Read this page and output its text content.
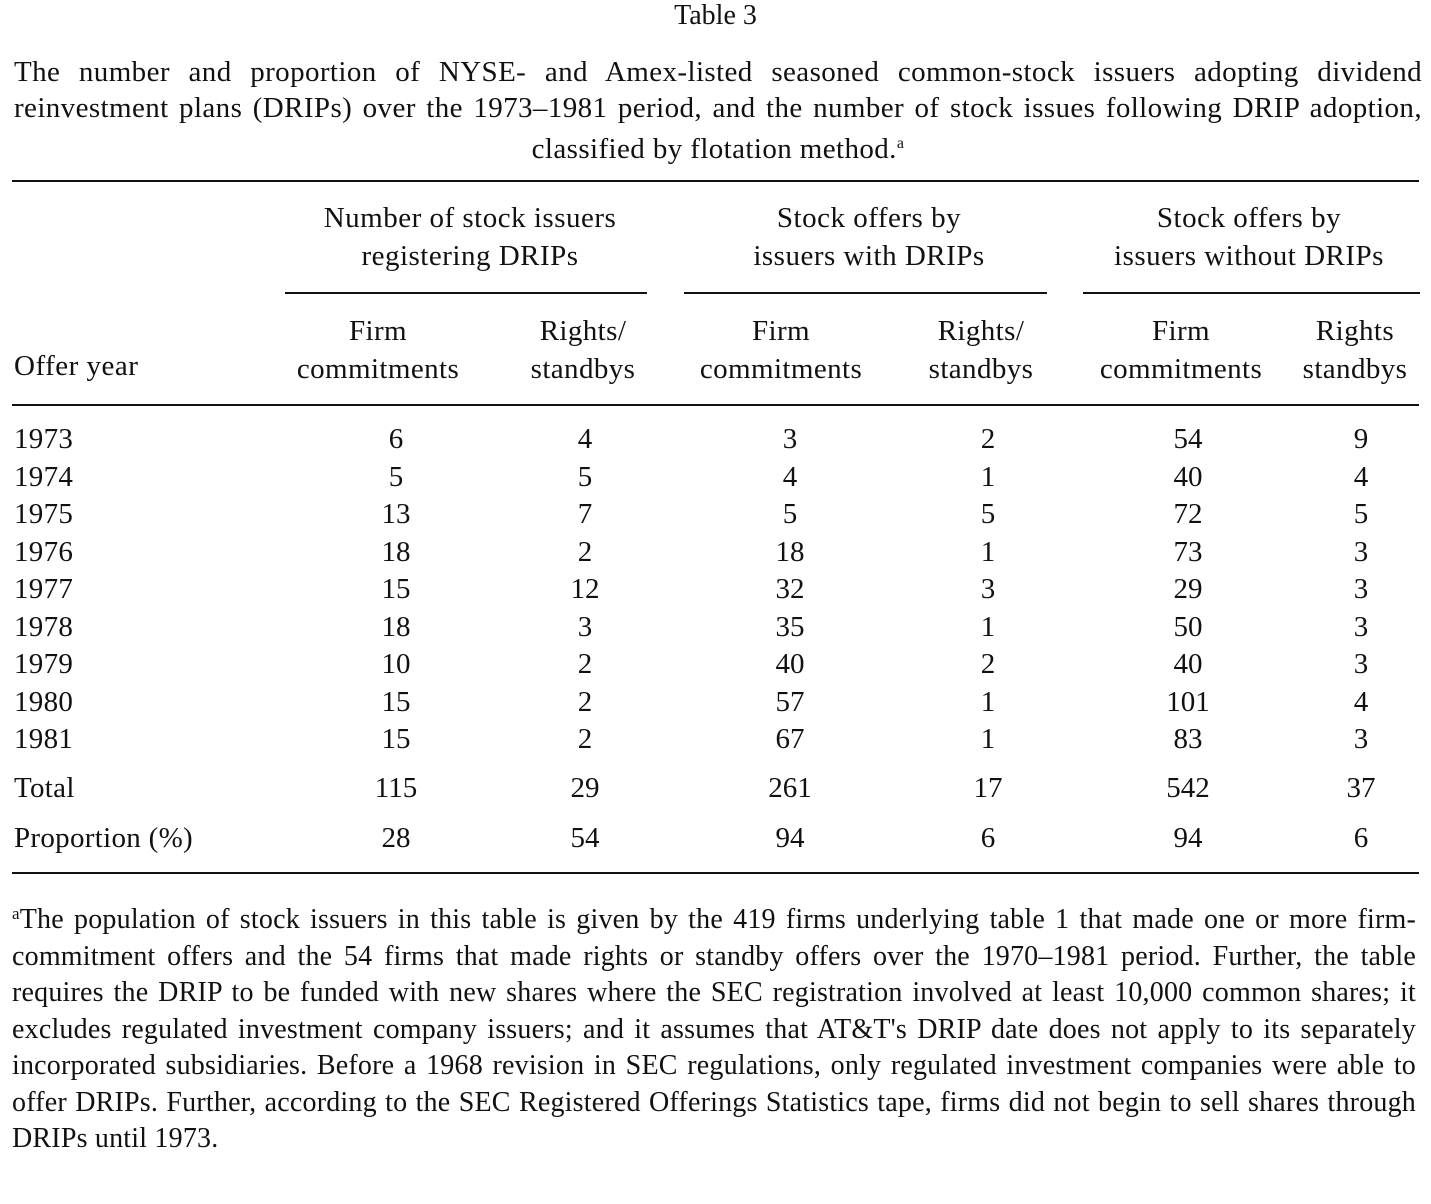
Table 3
The number and proportion of NYSE- and Amex-listed seasoned common-stock issuers adopting dividend reinvestment plans (DRIPs) over the 1973–1981 period, and the number of stock issues following DRIP adoption, classified by flotation method.$^a$
Number of stock issuers
registering DRIPs
Stock offers by
issuers with DRIPs
Stock offers by
issuers without DRIPs
Offer year
Firm
commitments
Rights/
standbys
Firm
commitments
Rights/
standbys
Firm
commitments
Rights
standbys
1973	6	4	3	2	54	9
1974	5	5	4	1	40	4
1975	13	7	5	5	72	5
1976	18	2	18	1	73	3
1977	15	12	32	3	29	3
1978	18	3	35	1	50	3
1979	10	2	40	2	40	3
1980	15	2	57	1	101	4
1981	15	2	67	1	83	3
Total	115	29	261	17	542	37
Proportion (%)	28	54	94	6	94	6
$^a$The population of stock issuers in this table is given by the 419 firms underlying table 1 that made one or more firm-commitment offers and the 54 firms that made rights or standby offers over the 1970–1981 period. Further, the table requires the DRIP to be funded with new shares where the SEC registration involved at least 10,000 common shares; it excludes regulated investment company issuers; and it assumes that AT&T's DRIP date does not apply to its separately incorporated subsidiaries. Before a 1968 revision in SEC regulations, only regulated investment companies were able to offer DRIPs. Further, according to the SEC Registered Offerings Statistics tape, firms did not begin to sell shares through DRIPs until 1973.
